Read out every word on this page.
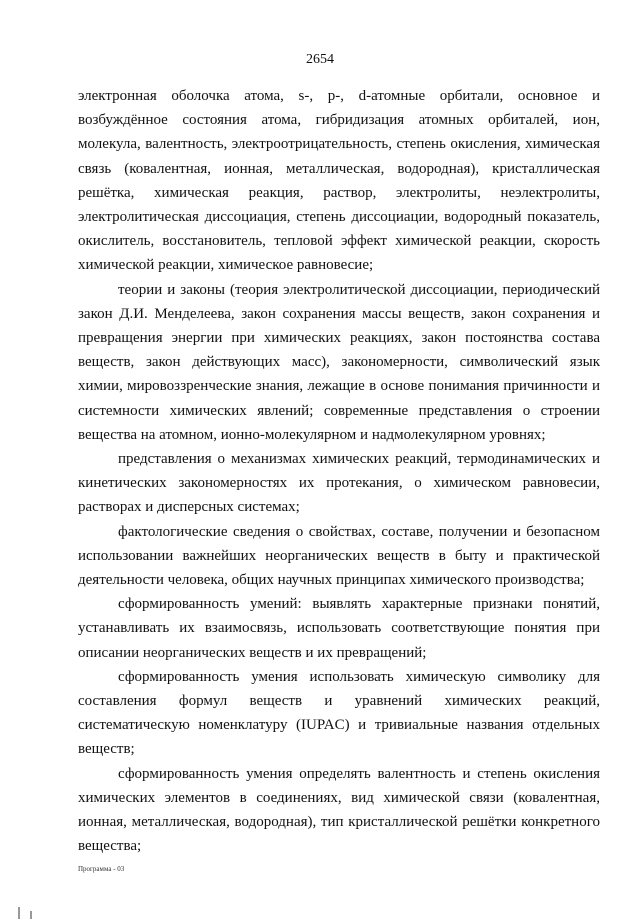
2654

электронная оболочка атома, s-, p-, d-атомные орбитали, основное и возбуждённое состояния атома, гибридизация атомных орбиталей, ион, молекула, валентность, электроотрицательность, степень окисления, химическая связь (ковалентная, ионная, металлическая, водородная), кристаллическая решётка, химическая реакция, раствор, электролиты, неэлектролиты, электролитическая диссоциация, степень диссоциации, водородный показатель, окислитель, восстановитель, тепловой эффект химической реакции, скорость химической реакции, химическое равновесие;

теории и законы (теория электролитической диссоциации, периодический закон Д.И. Менделеева, закон сохранения массы веществ, закон сохранения и превращения энергии при химических реакциях, закон постоянства состава веществ, закон действующих масс), закономерности, символический язык химии, мировоззренческие знания, лежащие в основе понимания причинности и системности химических явлений; современные представления о строении вещества на атомном, ионно-молекулярном и надмолекулярном уровнях;

представления о механизмах химических реакций, термодинамических и кинетических закономерностях их протекания, о химическом равновесии, растворах и дисперсных системах;

фактологические сведения о свойствах, составе, получении и безопасном использовании важнейших неорганических веществ в быту и практической деятельности человека, общих научных принципах химического производства;

сформированность умений: выявлять характерные признаки понятий, устанавливать их взаимосвязь, использовать соответствующие понятия при описании неорганических веществ и их превращений;

сформированность умения использовать химическую символику для составления формул веществ и уравнений химических реакций, систематическую номенклатуру (IUPAC) и тривиальные названия отдельных веществ;

сформированность умения определять валентность и степень окисления химических элементов в соединениях, вид химической связи (ковалентная, ионная, металлическая, водородная), тип кристаллической решётки конкретного вещества;

Программа - 03
